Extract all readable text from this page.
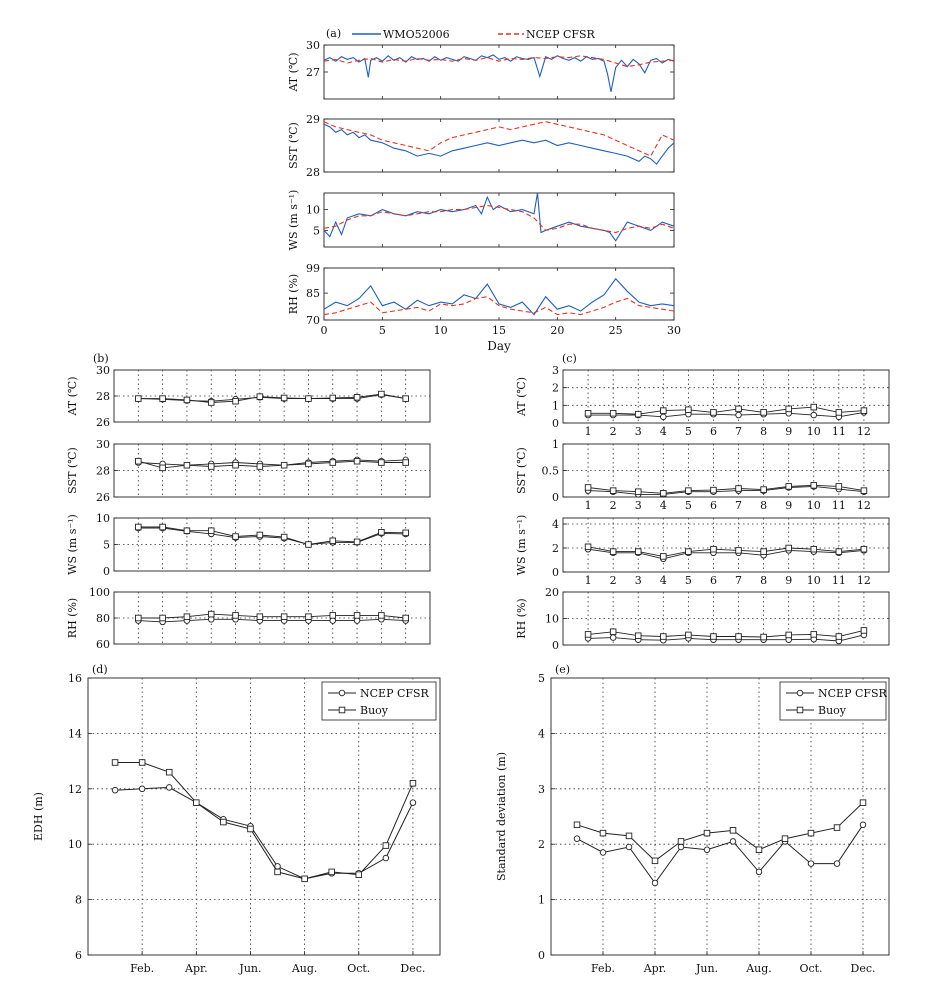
(a)	WMO52006	NCEP CFSR
27
30
AT (℃)
28
29
SST (℃)
5
10
WS (m s⁻¹)
70
85
99
RH (%)
0	5	10	15	20	25	30
Day
(b)
26
28
30
AT (℃)
26
28
30
SST (℃)
0
5
10
WS (m s⁻¹)
60
80
100
RH (%)
(c)
0
1
2
3
AT (℃)
1 2 3 4 5 6 7 8 9 10 11 12
0
0.5
1
SST (℃)
1 2 3 4 5 6 7 8 9 10 11 12
0
2
4
WS (m s⁻¹)
1 2 3 4 5 6 7 8 9 10 11 12
0
10
20
RH (%)
(d)
Feb.	Apr.	Jun.	Aug.	Oct.	Dec.
6
8
10
12
14
16
EDH (m)
NCEP CFSR
Buoy
(e)
Feb.	Apr.	Jun.	Aug.	Oct.	Dec.
0
1
2
3
4
5
Standard deviation (m)
NCEP CFSR
Buoy
